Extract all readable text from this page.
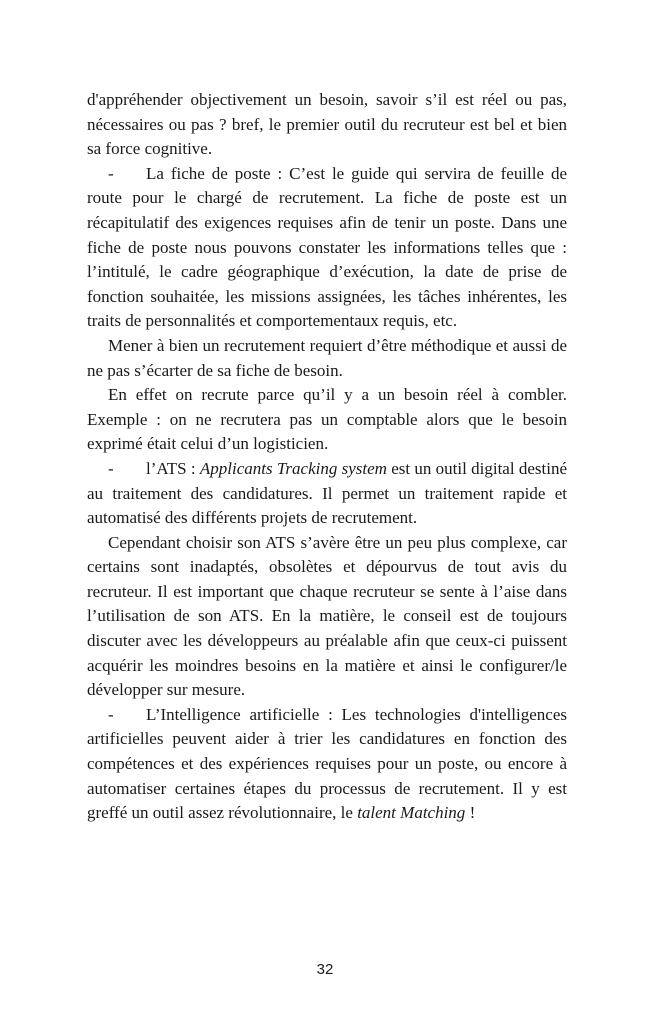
d'appréhender objectivement un besoin, savoir s’il est réel ou pas, nécessaires ou pas ? bref, le premier outil du recruteur est bel et bien sa force cognitive.

- La fiche de poste : C’est le guide qui servira de feuille de route pour le chargé de recrutement. La fiche de poste est un récapitulatif des exigences requises afin de tenir un poste. Dans une fiche de poste nous pouvons constater les informations telles que : l’intitulé, le cadre géographique d’exécution, la date de prise de fonction souhaitée, les missions assignées, les tâches inhérentes, les traits de personnalités et comportementaux requis, etc.

Mener à bien un recrutement requiert d’être méthodique et aussi de ne pas s’écarter de sa fiche de besoin.

En effet on recrute parce qu’il y a un besoin réel à combler. Exemple : on ne recrutera pas un comptable alors que le besoin exprimé était celui d’un logisticien.

- l’ATS : Applicants Tracking system est un outil digital destiné au traitement des candidatures. Il permet un traitement rapide et automatisé des différents projets de recrutement.

Cependant choisir son ATS s’avère être un peu plus complexe, car certains sont inadaptés, obsolètes et dépourvus de tout avis du recruteur. Il est important que chaque recruteur se sente à l’aise dans l’utilisation de son ATS. En la matière, le conseil est de toujours discuter avec les développeurs au préalable afin que ceux-ci puissent acquérir les moindres besoins en la matière et ainsi le configurer/le développer sur mesure.

- L’Intelligence artificielle : Les technologies d'intelligences artificielles peuvent aider à trier les candidatures en fonction des compétences et des expériences requises pour un poste, ou encore à automatiser certaines étapes du processus de recrutement. Il y est greffé un outil assez révolutionnaire, le talent Matching !

32
